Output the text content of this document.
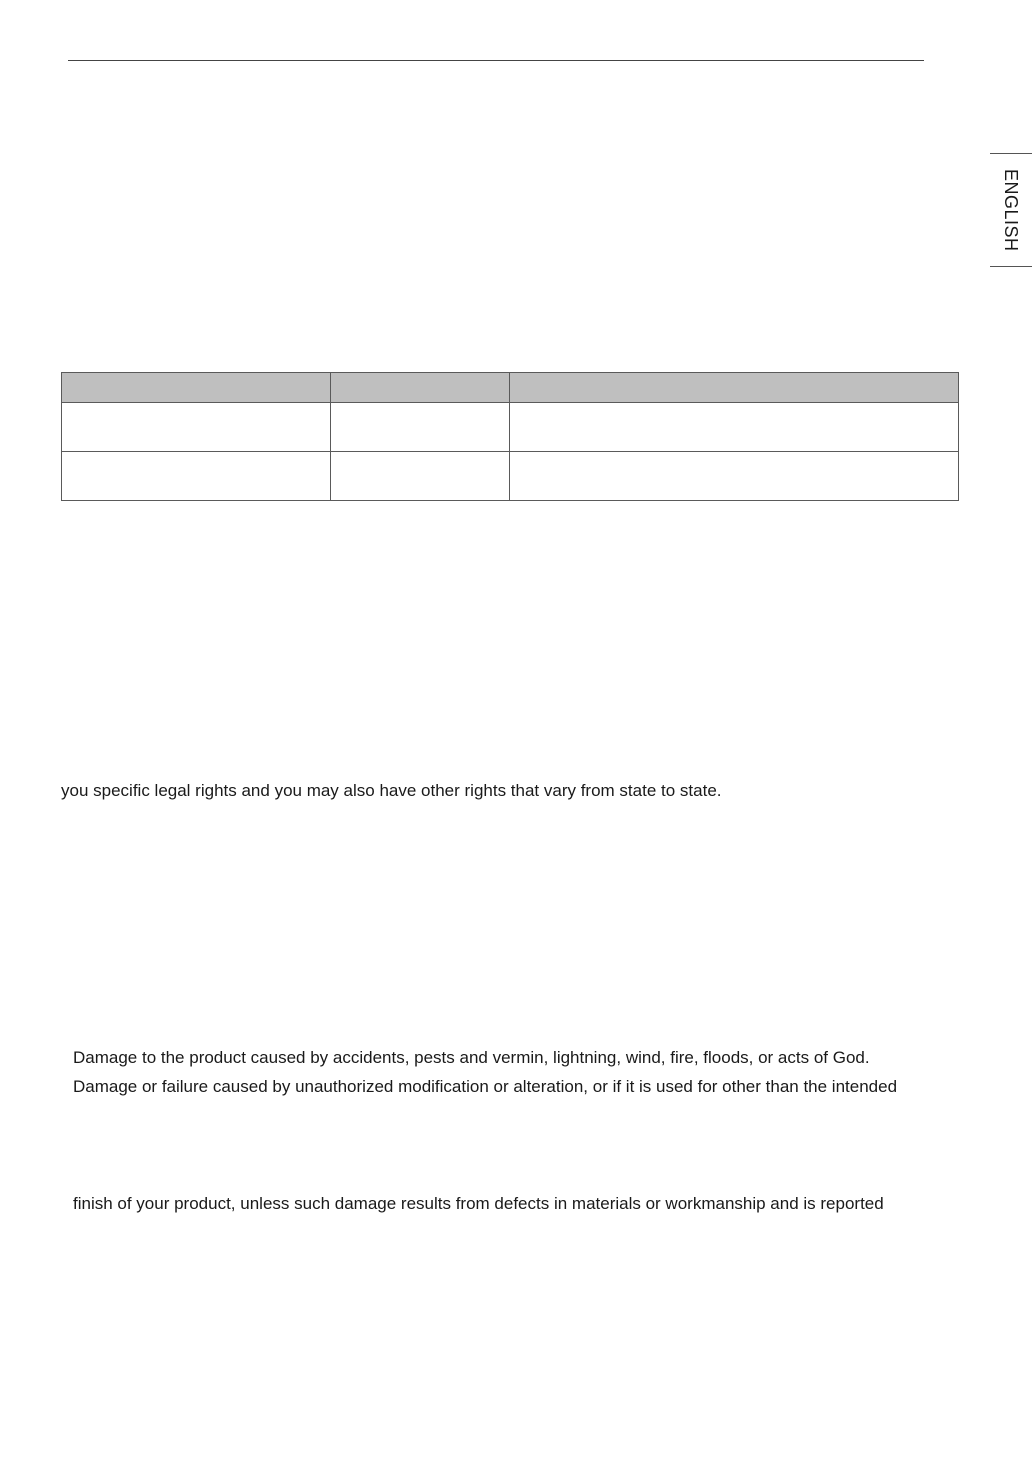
ENGLISH

you specific legal rights and you may also have other rights that vary from state to state.

Damage to the product caused by accidents, pests and vermin, lightning, wind, fire, floods, or acts of God.

Damage or failure caused by unauthorized modification or alteration, or if it is used for other than the intended

finish of your product, unless such damage results from defects in materials or workmanship and is reported
